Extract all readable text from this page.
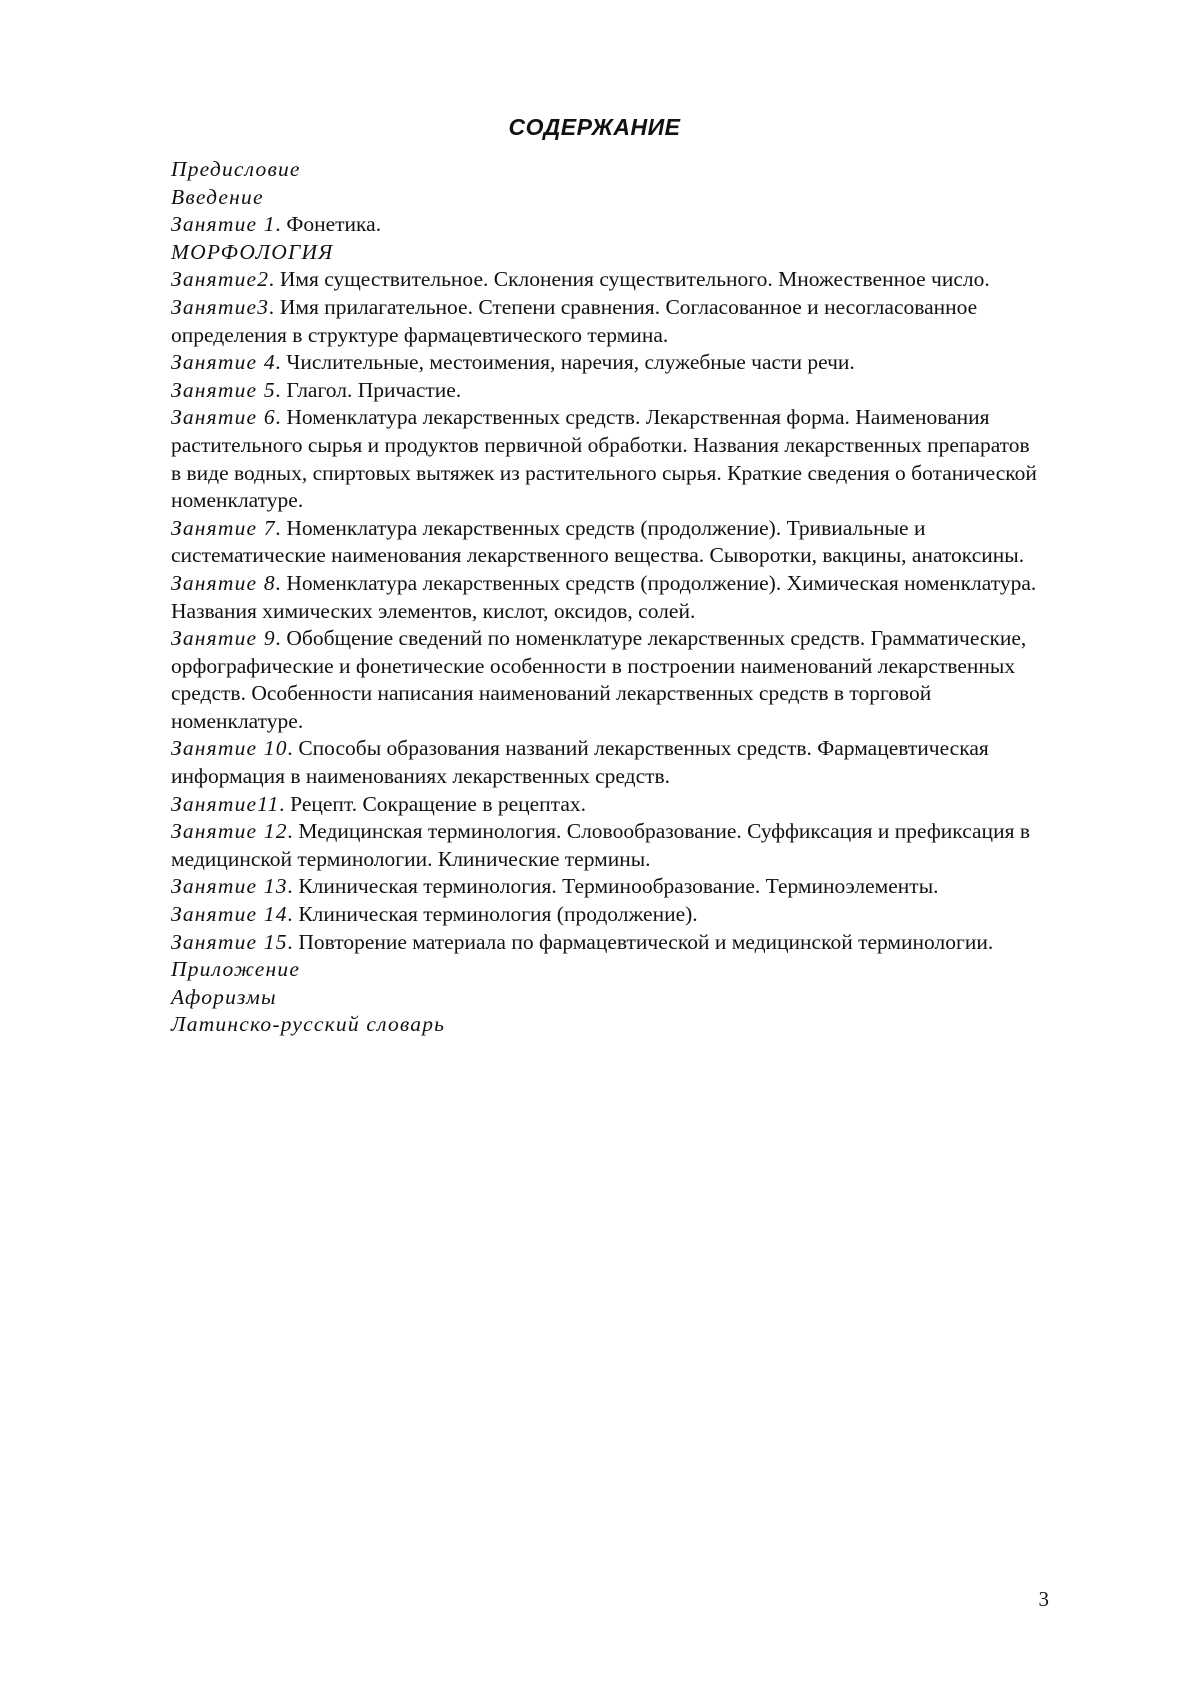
СОДЕРЖАНИЕ
Предисловие
Введение
Занятие 1. Фонетика.
МОРФОЛОГИЯ
Занятие2. Имя существительное. Склонения существительного. Множественное число.
Занятие3. Имя прилагательное. Степени сравнения. Согласованное и несогласованное определения в структуре фармацевтического термина.
Занятие 4. Числительные, местоимения, наречия, служебные части речи.
Занятие 5. Глагол. Причастие.
Занятие 6. Номенклатура лекарственных средств. Лекарственная форма. Наименования растительного сырья и продуктов первичной обработки. Названия лекарственных препаратов в виде водных, спиртовых вытяжек из растительного сырья. Краткие сведения о ботанической номенклатуре.
Занятие 7. Номенклатура лекарственных средств (продолжение). Тривиальные и систематические наименования лекарственного вещества. Сыворотки, вакцины, анатоксины.
Занятие 8. Номенклатура лекарственных средств (продолжение). Химическая номенклатура. Названия химических элементов, кислот, оксидов, солей.
Занятие 9. Обобщение сведений по номенклатуре лекарственных средств. Грамматические, орфографические и фонетические особенности в построении наименований лекарственных средств. Особенности написания наименований лекарственных средств в торговой номенклатуре.
Занятие 10. Способы образования названий лекарственных средств. Фармацевтическая информация в наименованиях лекарственных средств.
Занятие11. Рецепт. Сокращение в рецептах.
Занятие 12. Медицинская терминология. Словообразование. Суффиксация и префиксация в медицинской терминологии. Клинические термины.
Занятие 13. Клиническая терминология. Терминообразование. Терминоэлементы.
Занятие 14. Клиническая терминология (продолжение).
Занятие 15. Повторение материала по фармацевтической и медицинской терминологии.
Приложение
Афоризмы
Латинско-русский словарь
3
